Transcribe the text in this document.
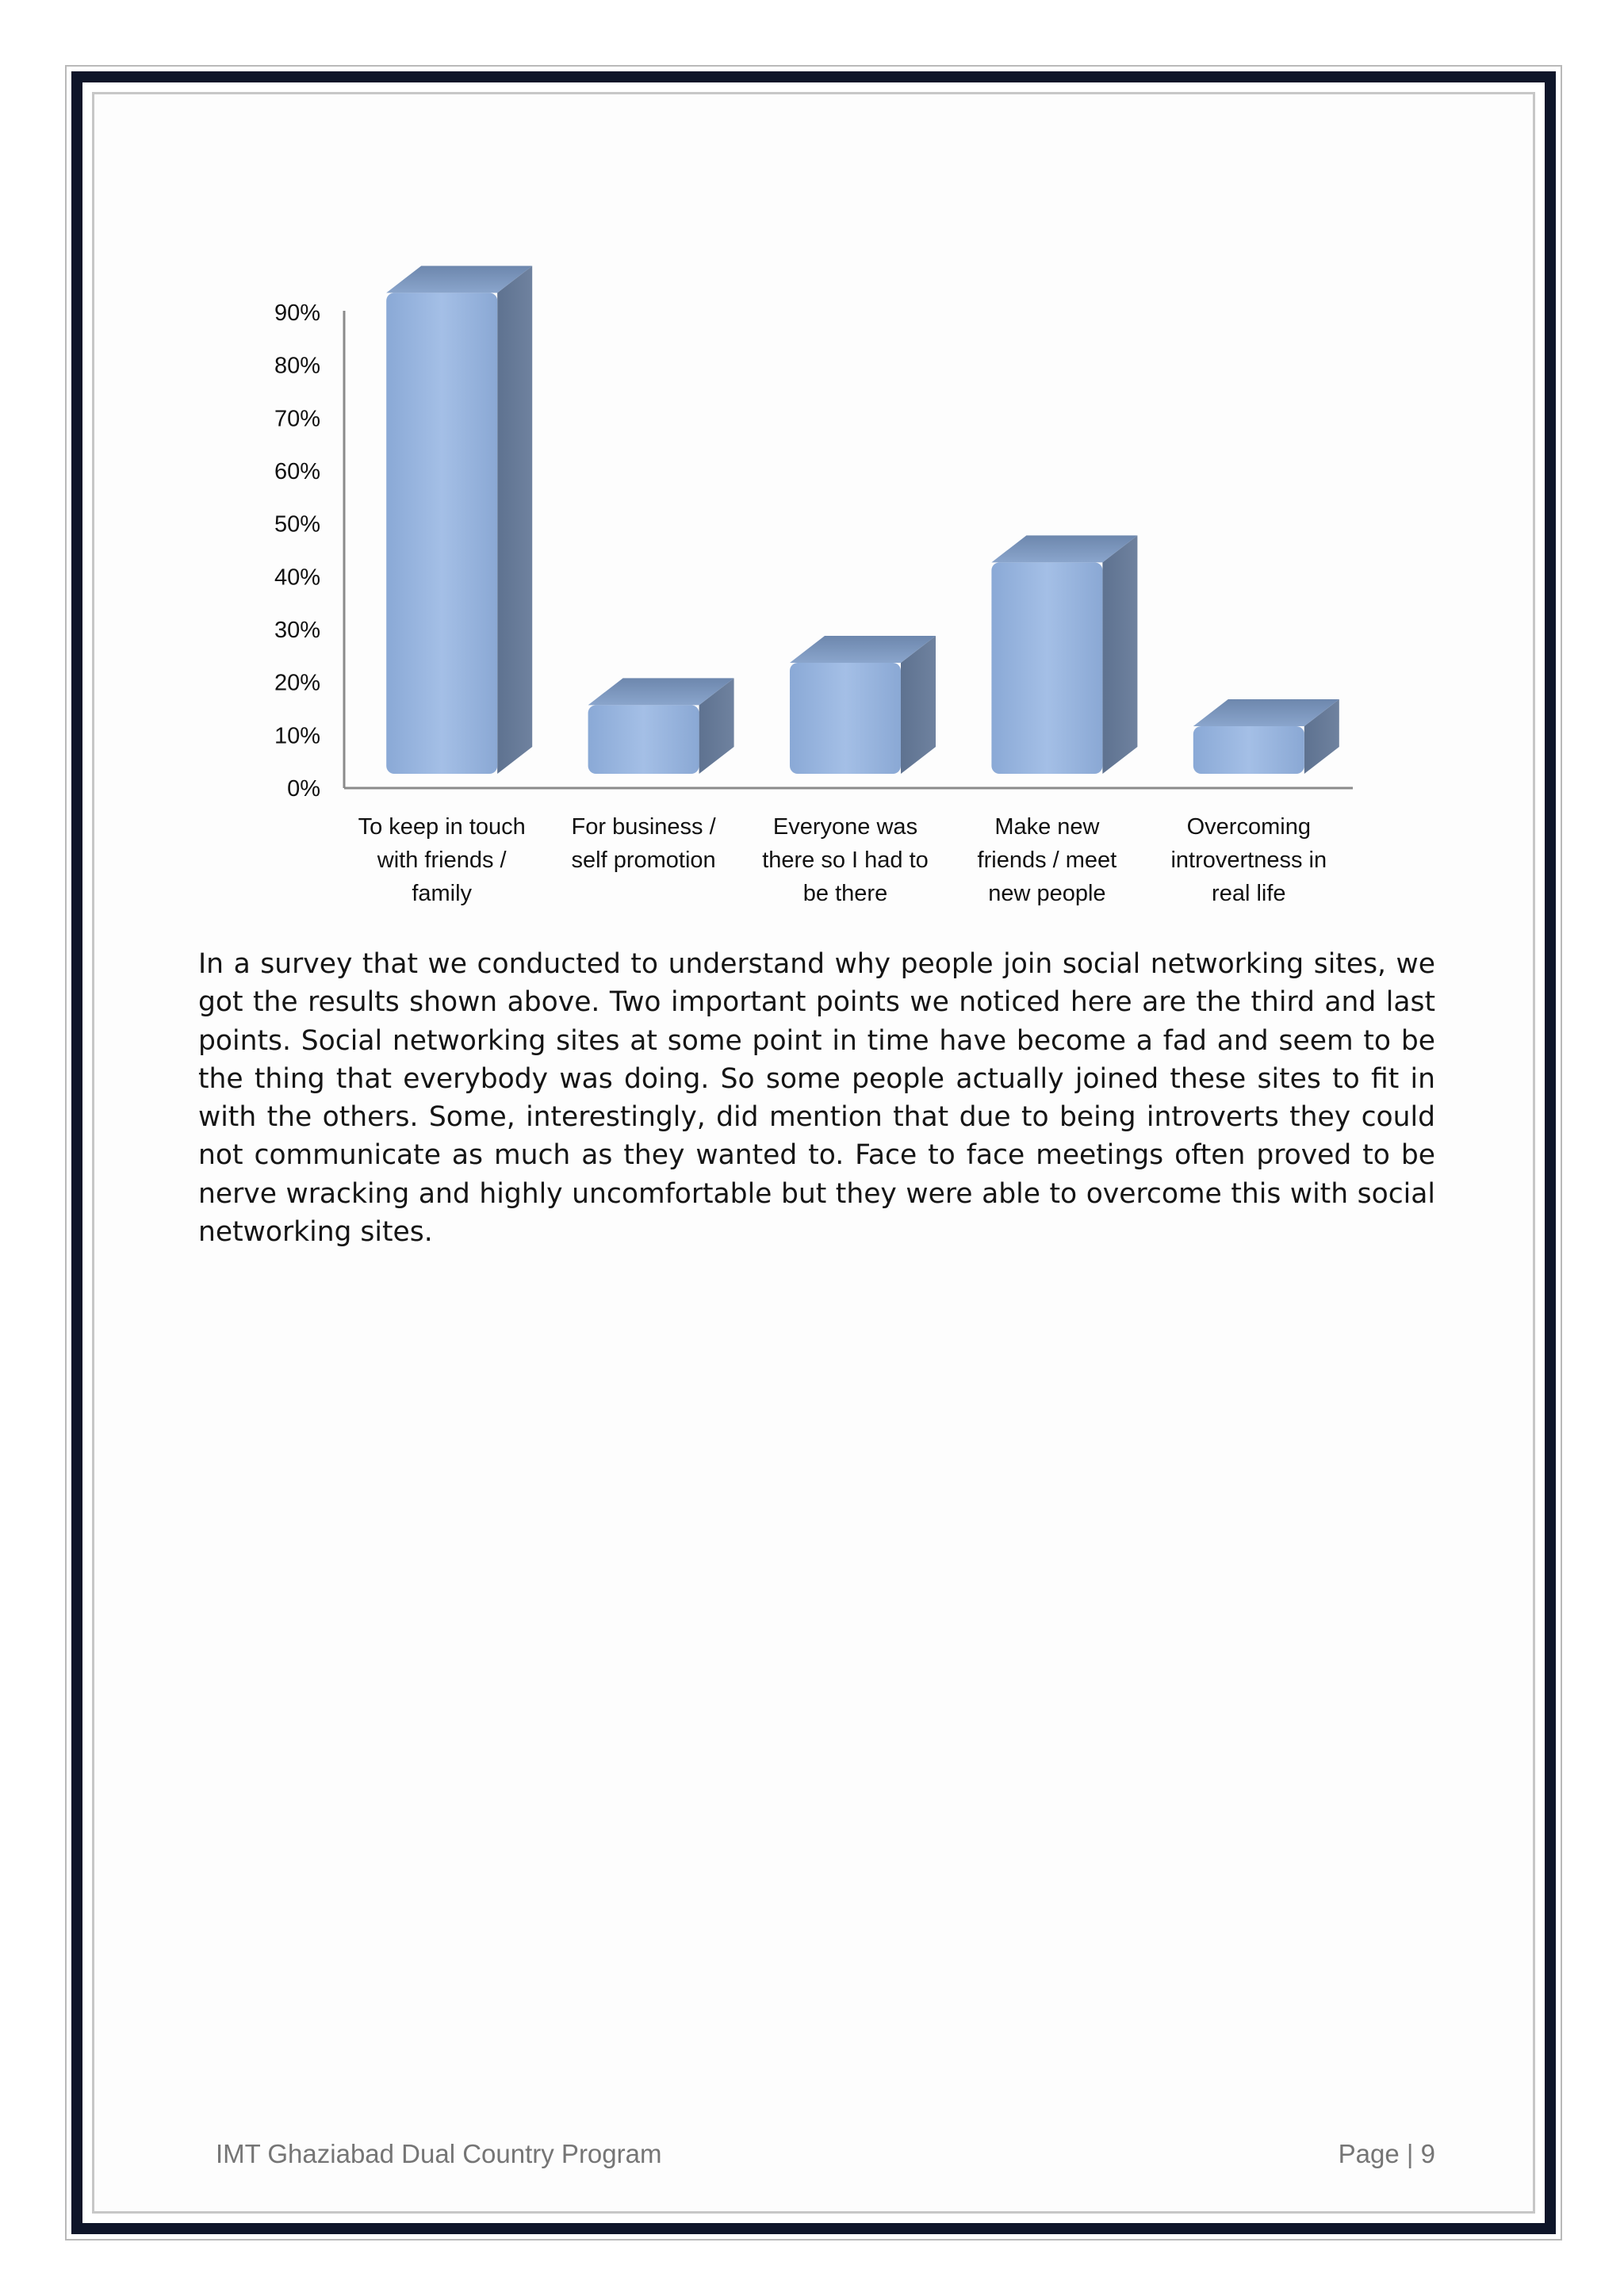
0%
10%
20%
30%
40%
50%
60%
70%
80%
90%
To keep in touch with friends / family
For business / self promotion
Everyone was there so I had to be there
Make new friends / meet new people
Overcoming introvertness in real life

In a survey that we conducted to understand why people join social networking sites, we got the results shown above. Two important points we noticed here are the third and last points. Social networking sites at some point in time have become a fad and seem to be the thing that everybody was doing. So some people actually joined these sites to fit in with the others. Some, interestingly, did mention that due to being introverts they could not communicate as much as they wanted to. Face to face meetings often proved to be nerve wracking and highly uncomfortable but they were able to overcome this with social networking sites.

IMT Ghaziabad Dual Country Program	Page | 9
